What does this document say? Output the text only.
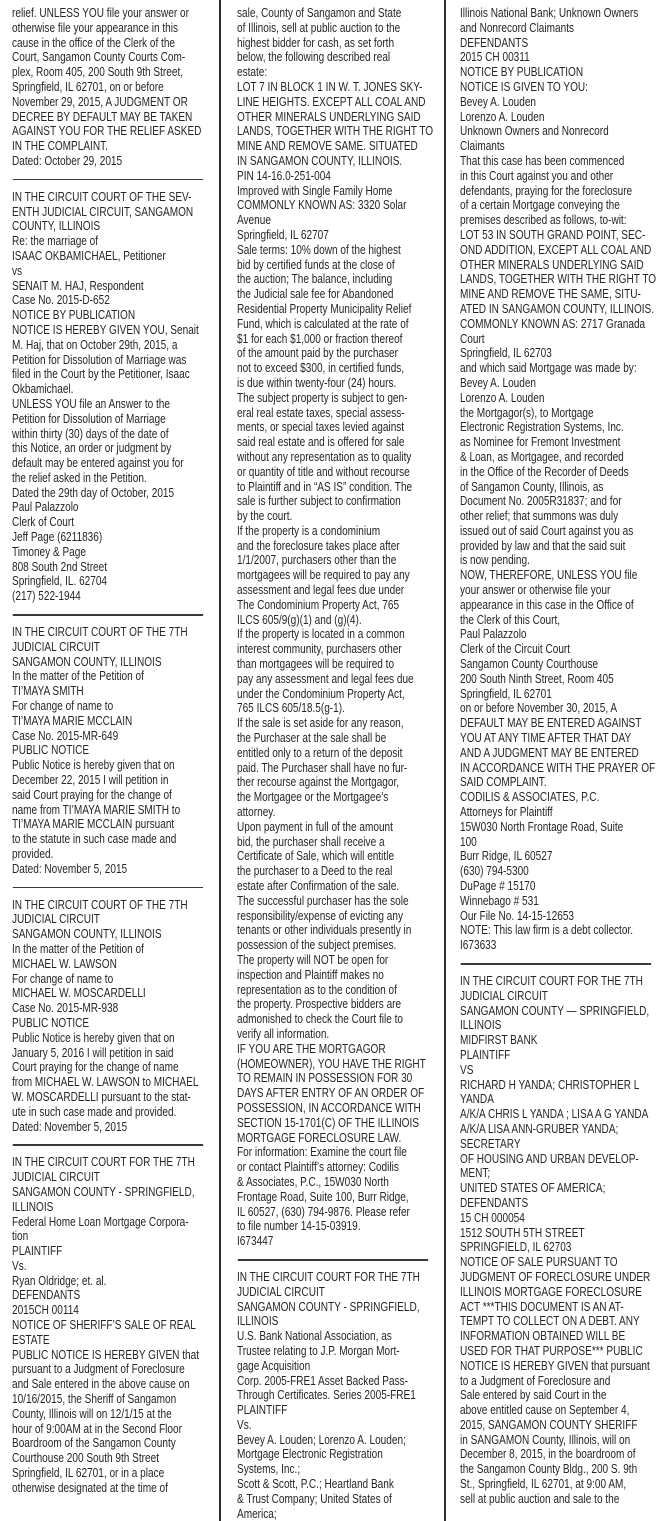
relief. UNLESS YOU file your answer or
otherwise file your appearance in this
cause in the office of the Clerk of the
Court, Sangamon County Courts Com-
plex, Room 405, 200 South 9th Street,
Springfield, IL 62701, on or before
November 29, 2015, A JUDGMENT OR
DECREE BY DEFAULT MAY BE TAKEN
AGAINST YOU FOR THE RELIEF ASKED
IN THE COMPLAINT.
Dated: October 29, 2015
IN THE CIRCUIT COURT OF THE SEV-
ENTH JUDICIAL CIRCUIT, SANGAMON
COUNTY, ILLINOIS
Re: the marriage of
ISAAC OKBAMICHAEL, Petitioner
vs
SENAIT M. HAJ, Respondent
Case No. 2015-D-652
NOTICE BY PUBLICATION
NOTICE IS HEREBY GIVEN YOU, Senait
M. Haj, that on October 29th, 2015, a
Petition for Dissolution of Marriage was
filed in the Court by the Petitioner, Isaac
Okbamichael.
UNLESS YOU file an Answer to the
Petition for Dissolution of Marriage
within thirty (30) days of the date of
this Notice, an order or judgment by
default may be entered against you for
the relief asked in the Petition.
Dated the 29th day of October, 2015
Paul Palazzolo
Clerk of Court
Jeff Page (6211836)
Timoney & Page
808 South 2nd Street
Springfield, IL. 62704
(217) 522-1944
IN THE CIRCUIT COURT OF THE 7TH
JUDICIAL CIRCUIT
SANGAMON COUNTY, ILLINOIS
In the matter of the Petition of
TI’MAYA SMITH
For change of name to
TI’MAYA MARIE MCCLAIN
Case No. 2015-MR-649
PUBLIC NOTICE
Public Notice is hereby given that on
December 22, 2015 I will petition in
said Court praying for the change of
name from TI’MAYA MARIE SMITH to
TI’MAYA MARIE MCCLAIN pursuant
to the statute in such case made and
provided.
Dated: November 5, 2015
IN THE CIRCUIT COURT OF THE 7TH
JUDICIAL CIRCUIT
SANGAMON COUNTY, ILLINOIS
In the matter of the Petition of
MICHAEL W. LAWSON
For change of name to
MICHAEL W. MOSCARDELLI
Case No. 2015-MR-938
PUBLIC NOTICE
Public Notice is hereby given that on
January 5, 2016 I will petition in said
Court praying for the change of name
from MICHAEL W. LAWSON to MICHAEL
W. MOSCARDELLI pursuant to the stat-
ute in such case made and provided.
Dated: November 5, 2015
IN THE CIRCUIT COURT FOR THE 7TH
JUDICIAL CIRCUIT
SANGAMON COUNTY - SPRINGFIELD,
ILLINOIS
Federal Home Loan Mortgage Corpora-
tion
PLAINTIFF
Vs.
Ryan Oldridge; et. al.
DEFENDANTS
2015CH 00114
NOTICE OF SHERIFF’S SALE OF REAL
ESTATE
PUBLIC NOTICE IS HEREBY GIVEN that
pursuant to a Judgment of Foreclosure
and Sale entered in the above cause on
10/16/2015, the Sheriff of Sangamon
County, Illinois will on 12/1/15 at the
hour of 9:00AM at in the Second Floor
Boardroom of the Sangamon County
Courthouse 200 South 9th Street
Springfield, IL 62701, or in a place
otherwise designated at the time of
sale, County of Sangamon and State
of Illinois, sell at public auction to the
highest bidder for cash, as set forth
below, the following described real
estate:
LOT 7 IN BLOCK 1 IN W. T. JONES SKY-
LINE HEIGHTS. EXCEPT ALL COAL AND
OTHER MINERALS UNDERLYING SAID
LANDS, TOGETHER WITH THE RIGHT TO
MINE AND REMOVE SAME. SITUATED
IN SANGAMON COUNTY, ILLINOIS.
PIN 14-16.0-251-004
Improved with Single Family Home
COMMONLY KNOWN AS: 3320 Solar
Avenue
Springfield, IL 62707
Sale terms: 10% down of the highest
bid by certified funds at the close of
the auction; The balance, including
the Judicial sale fee for Abandoned
Residential Property Municipality Relief
Fund, which is calculated at the rate of
$1 for each $1,000 or fraction thereof
of the amount paid by the purchaser
not to exceed $300, in certified funds,
is due within twenty-four (24) hours.
The subject property is subject to gen-
eral real estate taxes, special assess-
ments, or special taxes levied against
said real estate and is offered for sale
without any representation as to quality
or quantity of title and without recourse
to Plaintiff and in “AS IS” condition. The
sale is further subject to confirmation
by the court.
If the property is a condominium
and the foreclosure takes place after
1/1/2007, purchasers other than the
mortgagees will be required to pay any
assessment and legal fees due under
The Condominium Property Act, 765
ILCS 605/9(g)(1) and (g)(4).
If the property is located in a common
interest community, purchasers other
than mortgagees will be required to
pay any assessment and legal fees due
under the Condominium Property Act,
765 ILCS 605/18.5(g-1).
If the sale is set aside for any reason,
the Purchaser at the sale shall be
entitled only to a return of the deposit
paid. The Purchaser shall have no fur-
ther recourse against the Mortgagor,
the Mortgagee or the Mortgagee’s
attorney.
Upon payment in full of the amount
bid, the purchaser shall receive a
Certificate of Sale, which will entitle
the purchaser to a Deed to the real
estate after Confirmation of the sale.
The successful purchaser has the sole
responsibility/expense of evicting any
tenants or other individuals presently in
possession of the subject premises.
The property will NOT be open for
inspection and Plaintiff makes no
representation as to the condition of
the property. Prospective bidders are
admonished to check the Court file to
verify all information.
IF YOU ARE THE MORTGAGOR
(HOMEOWNER), YOU HAVE THE RIGHT
TO REMAIN IN POSSESSION FOR 30
DAYS AFTER ENTRY OF AN ORDER OF
POSSESSION, IN ACCORDANCE WITH
SECTION 15-1701(C) OF THE ILLINOIS
MORTGAGE FORECLOSURE LAW.
For information: Examine the court file
or contact Plaintiff’s attorney: Codilis
& Associates, P.C., 15W030 North
Frontage Road, Suite 100, Burr Ridge,
IL 60527, (630) 794-9876. Please refer
to file number 14-15-03919.
I673447
IN THE CIRCUIT COURT FOR THE 7TH
JUDICIAL CIRCUIT
SANGAMON COUNTY - SPRINGFIELD,
ILLINOIS
U.S. Bank National Association, as
Trustee relating to J.P. Morgan Mort-
gage Acquisition
Corp. 2005-FRE1 Asset Backed Pass-
Through Certificates. Series 2005-FRE1
PLAINTIFF
Vs.
Bevey A. Louden; Lorenzo A. Louden;
Mortgage Electronic Registration
Systems, Inc.;
Scott & Scott, P.C.; Heartland Bank
& Trust Company; United States of
America;
Illinois National Bank; Unknown Owners
and Nonrecord Claimants
DEFENDANTS
2015 CH 00311
NOTICE BY PUBLICATION
NOTICE IS GIVEN TO YOU:
Bevey A. Louden
Lorenzo A. Louden
Unknown Owners and Nonrecord
Claimants
That this case has been commenced
in this Court against you and other
defendants, praying for the foreclosure
of a certain Mortgage conveying the
premises described as follows, to-wit:
LOT 53 IN SOUTH GRAND POINT, SEC-
OND ADDITION, EXCEPT ALL COAL AND
OTHER MINERALS UNDERLYING SAID
LANDS, TOGETHER WITH THE RIGHT TO
MINE AND REMOVE THE SAME, SITU-
ATED IN SANGAMON COUNTY, ILLINOIS.
COMMONLY KNOWN AS: 2717 Granada
Court
Springfield, IL 62703
and which said Mortgage was made by:
Bevey A. Louden
Lorenzo A. Louden
the Mortgagor(s), to Mortgage
Electronic Registration Systems, Inc.
as Nominee for Fremont Investment
& Loan, as Mortgagee, and recorded
in the Office of the Recorder of Deeds
of Sangamon County, Illinois, as
Document No. 2005R31837; and for
other relief; that summons was duly
issued out of said Court against you as
provided by law and that the said suit
is now pending.
NOW, THEREFORE, UNLESS YOU file
your answer or otherwise file your
appearance in this case in the Office of
the Clerk of this Court,
Paul Palazzolo
Clerk of the Circuit Court
Sangamon County Courthouse
200 South Ninth Street, Room 405
Springfield, IL 62701
on or before November 30, 2015, A
DEFAULT MAY BE ENTERED AGAINST
YOU AT ANY TIME AFTER THAT DAY
AND A JUDGMENT MAY BE ENTERED
IN ACCORDANCE WITH THE PRAYER OF
SAID COMPLAINT.
CODILIS & ASSOCIATES, P.C.
Attorneys for Plaintiff
15W030 North Frontage Road, Suite
100
Burr Ridge, IL 60527
(630) 794-5300
DuPage # 15170
Winnebago # 531
Our File No. 14-15-12653
NOTE: This law firm is a debt collector.
I673633
IN THE CIRCUIT COURT FOR THE 7TH
JUDICIAL CIRCUIT
SANGAMON COUNTY — SPRINGFIELD,
ILLINOIS
MIDFIRST BANK
PLAINTIFF
VS
RICHARD H YANDA; CHRISTOPHER L
YANDA
A/K/A CHRIS L YANDA ; LISA A G YANDA
A/K/A LISA ANN-GRUBER YANDA;
SECRETARY
OF HOUSING AND URBAN DEVELOP-
MENT;
UNITED STATES OF AMERICA;
DEFENDANTS
15 CH 000054
1512 SOUTH 5TH STREET
SPRINGFIELD, IL 62703
NOTICE OF SALE PURSUANT TO
JUDGMENT OF FORECLOSURE UNDER
ILLINOIS MORTGAGE FORECLOSURE
ACT ***THIS DOCUMENT IS AN AT-
TEMPT TO COLLECT ON A DEBT. ANY
INFORMATION OBTAINED WILL BE
USED FOR THAT PURPOSE*** PUBLIC
NOTICE IS HEREBY GIVEN that pursuant
to a Judgment of Foreclosure and
Sale entered by said Court in the
above entitled cause on September 4,
2015, SANGAMON COUNTY SHERIFF
in SANGAMON County, Illinois, will on
December 8, 2015, in the boardroom of
the Sangamon County Bldg., 200 S. 9th
St., Springfield, IL 62701, at 9:00 AM,
sell at public auction and sale to the
